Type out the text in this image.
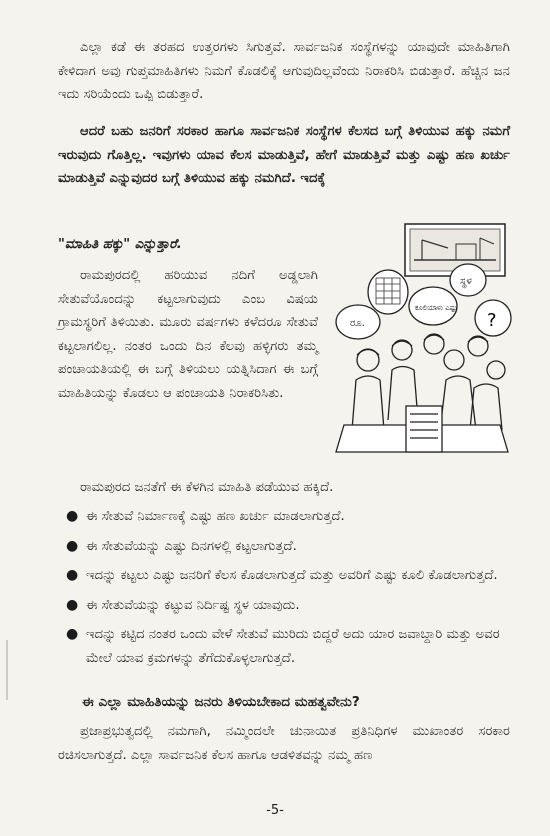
ಎಲ್ಲಾ ಕಡೆ ಈ ತರಹದ ಉತ್ತರಗಳು ಸಿಗುತ್ತವೆ. ಸಾರ್ವಜನಿಕ ಸಂಸ್ಥೆಗಳನ್ನು ಯಾವುದೇ ಮಾಹಿತಿಗಾಗಿ ಕೇಳಿದಾಗ ಅವು ಗುಪ್ತಮಾಹಿತಿಗಳು ನಿಮಗೆ ಕೊಡಲಿಕ್ಕೆ ಆಗುವುದಿಲ್ಲವೆಂದು ನಿರಾಕರಿಸಿ ಬಿಡುತ್ತಾರೆ. ಹೆಚ್ಚಿನ ಜನ ಇದು ಸರಿಯೆಂದು ಒಪ್ಪಿ ಬಿಡುತ್ತಾರೆ.

ಆದರೆ ಬಹು ಜನರಿಗೆ ಸರಕಾರ ಹಾಗೂ ಸಾರ್ವಜನಿಕ ಸಂಸ್ಥೆಗಳ ಕೆಲಸದ ಬಗ್ಗೆ ತಿಳಿಯುವ ಹಕ್ಕು ನಮಗೆ ಇರುವುದು ಗೊತ್ತಿಲ್ಲ. ಇವುಗಳು ಯಾವ ಕೆಲಸ ಮಾಡುತ್ತಿವೆ, ಹೇಗೆ ಮಾಡುತ್ತಿವೆ ಮತ್ತು ಎಷ್ಟು ಹಣ ಖರ್ಚು ಮಾಡುತ್ತಿವೆ ಎನ್ನುವುದರ ಬಗ್ಗೆ ತಿಳಿಯುವ ಹಕ್ಕು ನಮಗಿದೆ. ಇದಕ್ಕೆ

"ಮಾಹಿತಿ ಹಕ್ಕು" ಎನ್ನುತ್ತಾರೆ.

ರಾಮಪುರದಲ್ಲಿ ಹರಿಯುವ ನದಿಗೆ ಅಡ್ಡಲಾಗಿ ಸೇತುವೆಯೊಂದನ್ನು ಕಟ್ಟಲಾಗುವುದು ಎಂಬ ವಿಷಯ ಗ್ರಾಮಸ್ಥರಿಗೆ ತಿಳಿಯಿತು. ಮೂರು ವರ್ಷಗಳು ಕಳೆದರೂ ಸೇತುವೆ ಕಟ್ಟಲಾಗಲಿಲ್ಲ. ನಂತರ ಒಂದು ದಿನ ಕೆಲವು ಹಳ್ಳಿಗರು ತಮ್ಮ ಪಂಚಾಯತಿಯಲ್ಲಿ ಈ ಬಗ್ಗೆ ತಿಳಿಯಲು ಯತ್ನಿಸಿದಾಗ ಈ ಬಗ್ಗೆ ಮಾಹಿತಿಯನ್ನು ಕೊಡಲು ಆ ಪಂಚಾಯತಿ ನಿರಾಕರಿಸಿತು.

ರಾಮಪುರದ ಜನತೆಗೆ ಈ ಕೆಳಗಿನ ಮಾಹಿತಿ ಪಡೆಯುವ ಹಕ್ಕಿದೆ.

● ಈ ಸೇತುವೆ ನಿರ್ಮಾಣಕ್ಕೆ ಎಷ್ಟು ಹಣ ಖರ್ಚು ಮಾಡಲಾಗುತ್ತದೆ.
● ಈ ಸೇತುವೆಯನ್ನು ಎಷ್ಟು ದಿನಗಳಲ್ಲಿ ಕಟ್ಟಲಾಗುತ್ತದೆ.
● ಇದನ್ನು ಕಟ್ಟಲು ಎಷ್ಟು ಜನರಿಗೆ ಕೆಲಸ ಕೊಡಲಾಗುತ್ತದೆ ಮತ್ತು ಅವರಿಗೆ ಎಷ್ಟು ಕೂಲಿ ಕೊಡಲಾಗುತ್ತದೆ.
● ಈ ಸೇತುವೆಯನ್ನು ಕಟ್ಟುವ ನಿರ್ದಿಷ್ಟ ಸ್ಥಳ ಯಾವುದು.
● ಇದನ್ನು ಕಟ್ಟಿದ ನಂತರ ಒಂದು ವೇಳೆ ಸೇತುವೆ ಮುರಿದು ಬಿದ್ದರೆ ಅದು ಯಾರ ಜವಾಬ್ದಾರಿ ಮತ್ತು ಅವರ ಮೇಲೆ ಯಾವ ಕ್ರಮಗಳನ್ನು ತೆಗೆದುಕೊಳ್ಳಲಾಗುತ್ತದೆ.
ಈ ಎಲ್ಲಾ ಮಾಹಿತಿಯನ್ನು ಜನರು ತಿಳಿಯಬೇಕಾದ ಮಹತ್ವವೇನು?

ಪ್ರಜಾಪ್ರಭುತ್ವದಲ್ಲಿ ನಮಗಾಗಿ, ನಮ್ಮಿಂದಲೇ ಚುನಾಯಿತ ಪ್ರತಿನಿಧಿಗಳ ಮುಖಾಂತರ ಸರಕಾರ ರಚಿಸಲಾಗುತ್ತದೆ. ಎಲ್ಲಾ ಸಾರ್ವಜನಿಕ ಕೆಲಸ ಹಾಗೂ ಆಡಳಿತವನ್ನು ನಮ್ಮ ಹಣ

-5-
ರೂ.
ಕೂಲಿಯಾಳು ಎಷ್ಟು
ಸ್ಥಳ
?
